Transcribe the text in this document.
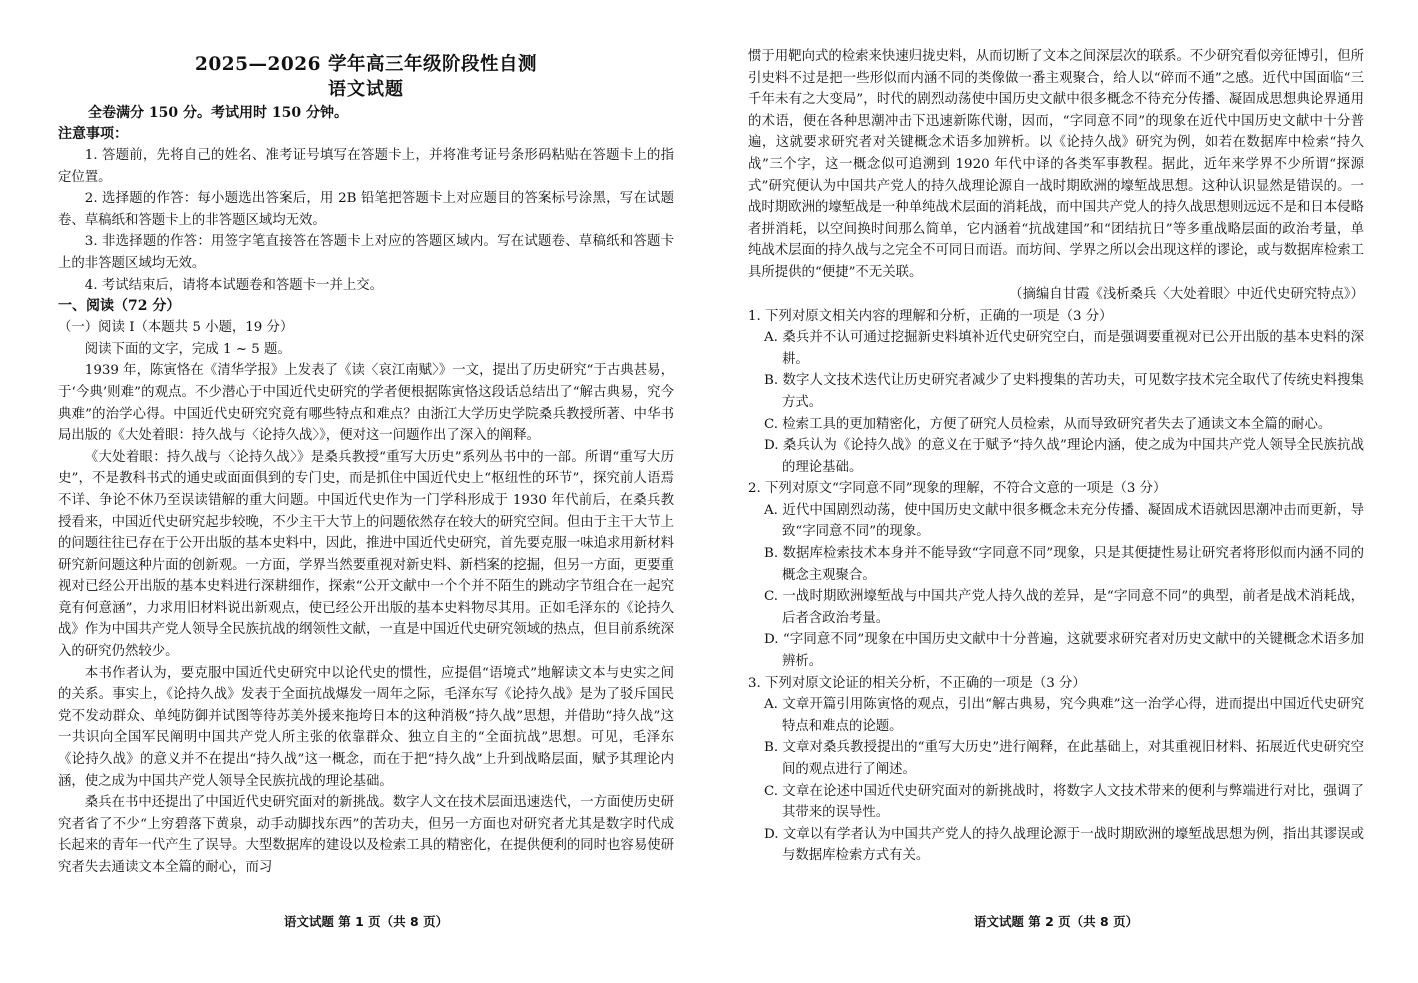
2025—2026 学年高三年级阶段性自测
语文试题
全卷满分 150 分。考试用时 150 分钟。
注意事项：

1. 答题前，先将自己的姓名、准考证号填写在答题卡上，并将准考证号条形码粘贴在答题卡上的指定位置。

2. 选择题的作答：每小题选出答案后，用 2B 铅笔把答题卡上对应题目的答案标号涂黑，写在试题卷、草稿纸和答题卡上的非答题区域均无效。

3. 非选择题的作答：用签字笔直接答在答题卡上对应的答题区域内。写在试题卷、草稿纸和答题卡上的非答题区域均无效。

4. 考试结束后，请将本试题卷和答题卡一并上交。

一、阅读（72 分）

（一）阅读 Ⅰ（本题共 5 小题，19 分）

阅读下面的文字，完成 1 ~ 5 题。

1939 年，陈寅恪在《清华学报》上发表了《读〈哀江南赋〉》一文，提出了历史研究“于古典甚易，于‘今典’则难”的观点。不少潜心于中国近代史研究的学者便根据陈寅恪这段话总结出了“解古典易，究今典难”的治学心得。中国近代史研究究竟有哪些特点和难点？由浙江大学历史学院桑兵教授所著、中华书局出版的《大处着眼：持久战与〈论持久战〉》，便对这一问题作出了深入的阐释。

《大处着眼：持久战与〈论持久战〉》是桑兵教授“重写大历史”系列丛书中的一部。所谓“重写大历史”，不是教科书式的通史或面面俱到的专门史，而是抓住中国近代史上“枢纽性的环节”，探究前人语焉不详、争论不休乃至误读错解的重大问题。中国近代史作为一门学科形成于 1930 年代前后，在桑兵教授看来，中国近代史研究起步较晚，不少主干大节上的问题依然存在较大的研究空间。但由于主干大节上的问题往往已存在于公开出版的基本史料中，因此，推进中国近代史研究，首先要克服一味追求用新材料研究新问题这种片面的创新观。一方面，学界当然要重视对新史料、新档案的挖掘，但另一方面，更要重视对已经公开出版的基本史料进行深耕细作，探索“公开文献中一个个并不陌生的跳动字节组合在一起究竟有何意涵”，力求用旧材料说出新观点，使已经公开出版的基本史料物尽其用。正如毛泽东的《论持久战》作为中国共产党人领导全民族抗战的纲领性文献，一直是中国近代史研究领域的热点，但目前系统深入的研究仍然较少。

本书作者认为，要克服中国近代史研究中以论代史的惯性，应提倡“语境式”地解读文本与史实之间的关系。事实上，《论持久战》发表于全面抗战爆发一周年之际，毛泽东写《论持久战》是为了驳斥国民党不发动群众、单纯防御并试图等待苏美外援来拖垮日本的这种消极“持久战”思想，并借助“持久战”这一共识向全国军民阐明中国共产党人所主张的依靠群众、独立自主的“全面抗战”思想。可见，毛泽东《论持久战》的意义并不在提出“持久战”这一概念，而在于把“持久战”上升到战略层面，赋予其理论内涵，使之成为中国共产党人领导全民族抗战的理论基础。

桑兵在书中还提出了中国近代史研究面对的新挑战。数字人文在技术层面迅速迭代，一方面使历史研究者省了不少“上穷碧落下黄泉，动手动脚找东西”的苦功夫，但另一方面也对研究者尤其是数字时代成长起来的青年一代产生了误导。大型数据库的建设以及检索工具的精密化，在提供便利的同时也容易使研究者失去通读文本全篇的耐心，而习

语文试题 第 1 页（共 8 页）

惯于用靶向式的检索来快速归拢史料，从而切断了文本之间深层次的联系。不少研究看似旁征博引，但所引史料不过是把一些形似而内涵不同的类像做一番主观聚合，给人以“碎而不通”之感。近代中国面临“三千年未有之大变局”，时代的剧烈动荡使中国历史文献中很多概念不待充分传播、凝固成思想典论界通用的术语，便在各种思潮冲击下迅速新陈代谢，因而，“字同意不同”的现象在近代中国历史文献中十分普遍，这就要求研究者对关键概念术语多加辨析。以《论持久战》研究为例，如若在数据库中检索“持久战”三个字，这一概念似可追溯到 1920 年代中译的各类军事教程。据此，近年来学界不少所谓“探源式”研究便认为中国共产党人的持久战理论源自一战时期欧洲的壕堑战思想。这种认识显然是错误的。一战时期欧洲的壕堑战是一种单纯战术层面的消耗战，而中国共产党人的持久战思想则远远不是和日本侵略者拼消耗，以空间换时间那么简单，它内涵着“抗战建国”和“团结抗日”等多重战略层面的政治考量，单纯战术层面的持久战与之完全不可同日而语。而坊间、学界之所以会出现这样的谬论，或与数据库检索工具所提供的“便捷”不无关联。

（摘编自甘霞《浅析桑兵〈大处着眼〉中近代史研究特点》）

1. 下列对原文相关内容的理解和分析，正确的一项是（3 分）

A. 桑兵并不认可通过挖掘新史料填补近代史研究空白，而是强调要重视对已公开出版的基本史料的深耕。
B. 数字人文技术迭代让历史研究者减少了史料搜集的苦功夫，可见数字技术完全取代了传统史料搜集方式。
C. 检索工具的更加精密化，方便了研究人员检索，从而导致研究者失去了通读文本全篇的耐心。
D. 桑兵认为《论持久战》的意义在于赋予“持久战”理论内涵，使之成为中国共产党人领导全民族抗战的理论基础。

2. 下列对原文“字同意不同”现象的理解，不符合文意的一项是（3 分）

A. 近代中国剧烈动荡，使中国历史文献中很多概念未充分传播、凝固成术语就因思潮冲击而更新，导致“字同意不同”的现象。
B. 数据库检索技术本身并不能导致“字同意不同”现象，只是其便捷性易让研究者将形似而内涵不同的概念主观聚合。
C. 一战时期欧洲壕堑战与中国共产党人持久战的差异，是“字同意不同”的典型，前者是战术消耗战，后者含政治考量。
D. “字同意不同”现象在中国历史文献中十分普遍，这就要求研究者对历史文献中的关键概念术语多加辨析。

3. 下列对原文论证的相关分析，不正确的一项是（3 分）

A. 文章开篇引用陈寅恪的观点，引出“解古典易，究今典难”这一治学心得，进而提出中国近代史研究特点和难点的论题。
B. 文章对桑兵教授提出的“重写大历史”进行阐释，在此基础上，对其重视旧材料、拓展近代史研究空间的观点进行了阐述。
C. 文章在论述中国近代史研究面对的新挑战时，将数字人文技术带来的便利与弊端进行对比，强调了其带来的误导性。
D. 文章以有学者认为中国共产党人的持久战理论源于一战时期欧洲的壕堑战思想为例，指出其谬误或与数据库检索方式有关。
语文试题 第 2 页（共 8 页）
